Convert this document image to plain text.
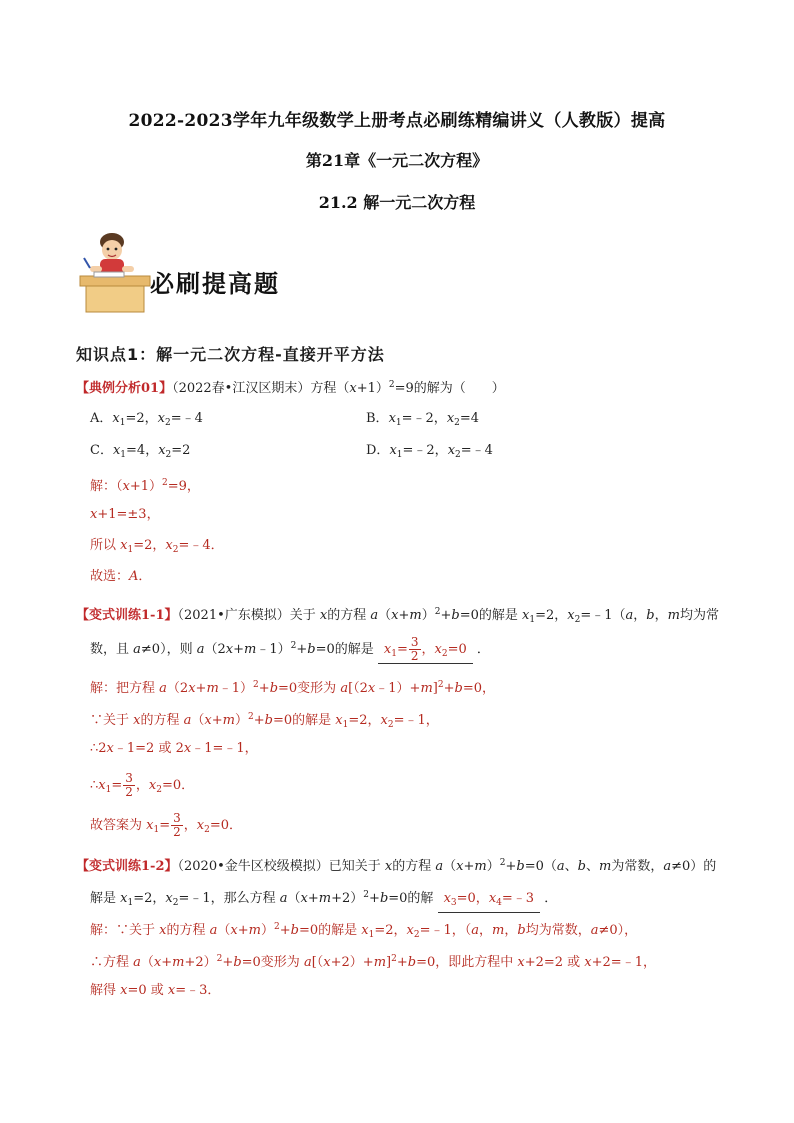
2022-2023学年九年级数学上册考点必刷练精编讲义（人教版）提高
第21章《一元二次方程》
21.2 解一元二次方程
必刷提高题
知识点1：解一元二次方程-直接开平方法
【典例分析01】（2022春•江汉区期末）方程$(x+1)^2=9$的解为（　　）
A．$x_1=2$，$x_2=﹣4$	B．$x_1=﹣2$，$x_2=4$
C．$x_1=4$，$x_2=2$	D．$x_1=﹣2$，$x_2=﹣4$
解：$(x+1)^2=9$，
x+1=±3，
所以 $x_1=2$，$x_2=﹣4$．
故选：A．
【变式训练1-1】（2021•广东模拟）关于 x的方程 $a(x+m)^2+b=0$的解是 $x_1=2$，$x_2=﹣1(a$，b，m均为常
数，且 a≠0），则 a（2x+m﹣1）$^2$+b=0的解是 $x_1= \frac{3}{2}$ ，$x_2=0$ ．
解：把方程 a（2x+m﹣1）$^2$+b=0变形为 a[（2x﹣1）+m]$^2$+b=0，
∵关于 x的方程 $a(x+m)^2+b=0$的解是 $x_1=2$，$x_2=﹣1$，
∴2x﹣1=2 或 2x﹣1=﹣1，
$\therefore x_1= \frac{3}{2}$ ，$x_2=0$．
故答案为 $x_1= \frac{3}{2}$ ，$x_2=0$．
【变式训练1-2】（2020•金牛区校级模拟）已知关于 x的方程 $a(x+m)^2+b=0(a$、b、m为常数，a≠0）的
解是 $x_1=2$，$x_2=﹣1$，那么方程 $a(x+m+2)^2+b=0$的解 $x_3=0$，$x_4=﹣3$ ．
解：∵关于 x的方程 $a(x+m)^2+b=0$的解是 $x_1=2$，$x_2=﹣1$，（a，m，b均为常数，a≠0），
∴方程 $a(x+m+2)^2+b=0$变形为 $a[(x+2)+m]^2+b=0$，即此方程中 x+2=2 或 x+2=﹣1，
解得 x=0 或 x=﹣3．
